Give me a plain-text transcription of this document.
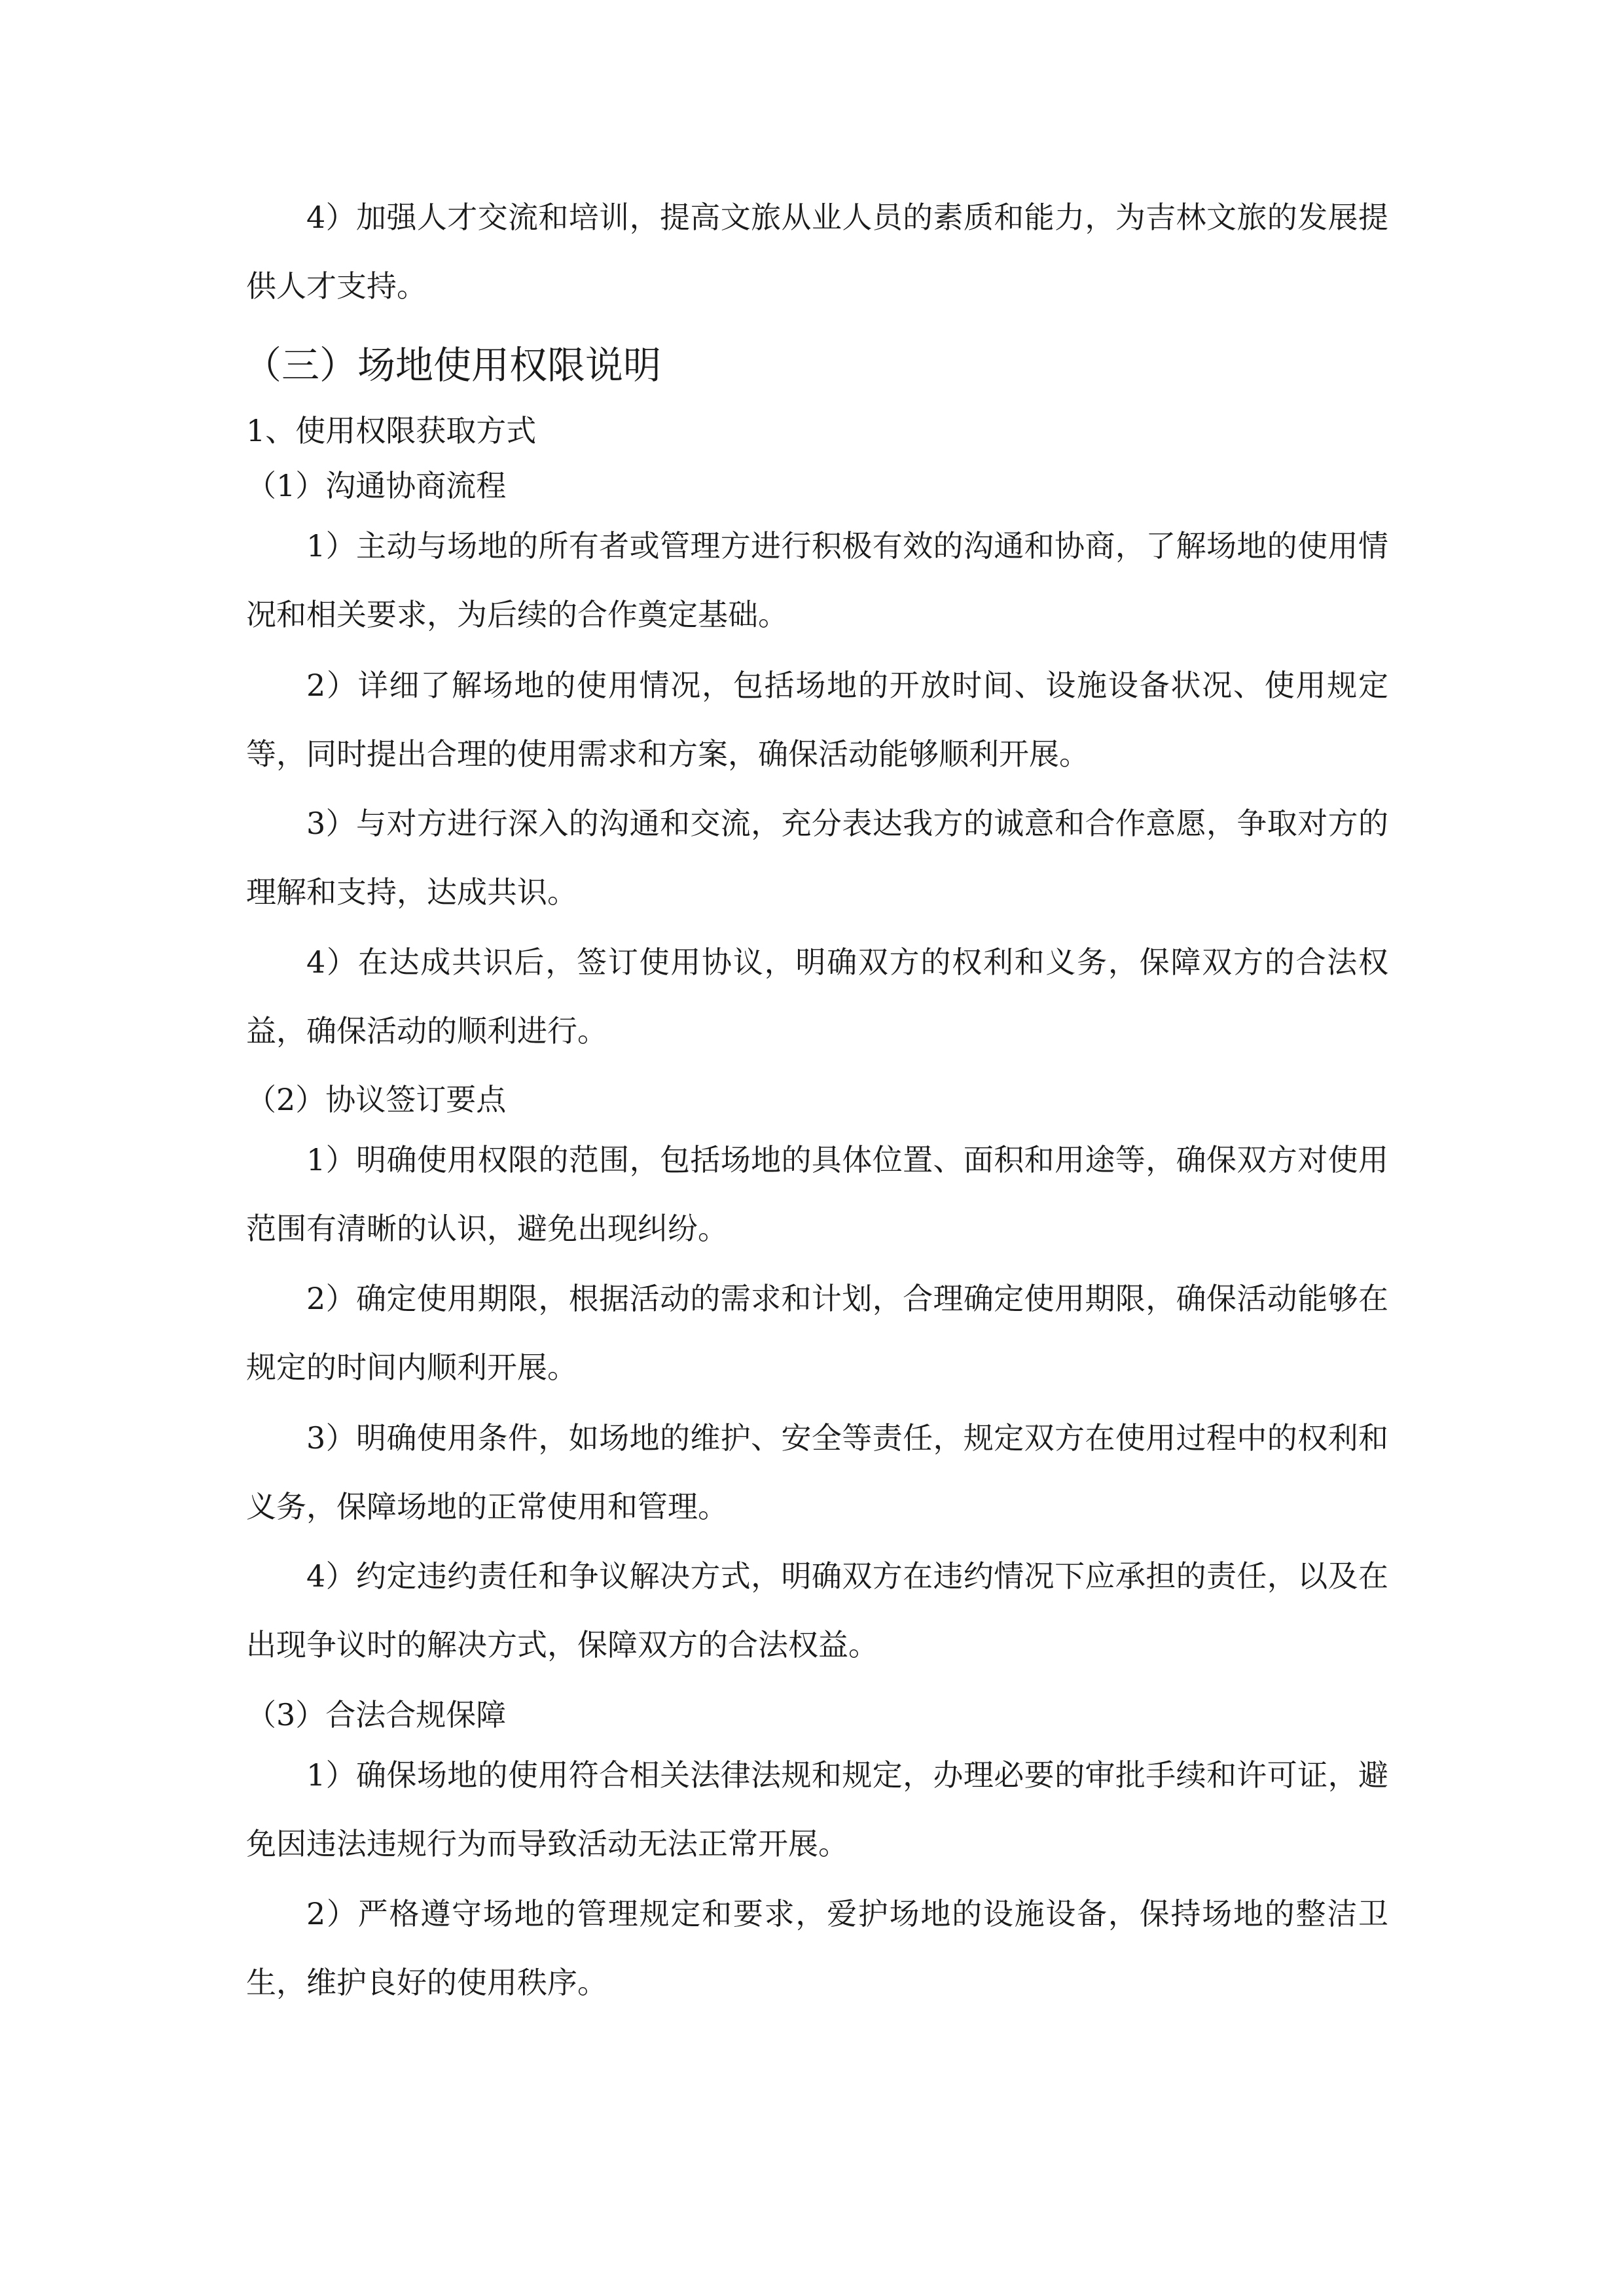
4）加强人才交流和培训，提高文旅从业人员的素质和能力，为吉林文旅的发展提供人才支持。

（三）场地使用权限说明

1、使用权限获取方式

（1）沟通协商流程

1）主动与场地的所有者或管理方进行积极有效的沟通和协商，了解场地的使用情况和相关要求，为后续的合作奠定基础。

2）详细了解场地的使用情况，包括场地的开放时间、设施设备状况、使用规定等，同时提出合理的使用需求和方案，确保活动能够顺利开展。

3）与对方进行深入的沟通和交流，充分表达我方的诚意和合作意愿，争取对方的理解和支持，达成共识。

4）在达成共识后，签订使用协议，明确双方的权利和义务，保障双方的合法权益，确保活动的顺利进行。

（2）协议签订要点

1）明确使用权限的范围，包括场地的具体位置、面积和用途等，确保双方对使用范围有清晰的认识，避免出现纠纷。

2）确定使用期限，根据活动的需求和计划，合理确定使用期限，确保活动能够在规定的时间内顺利开展。

3）明确使用条件，如场地的维护、安全等责任，规定双方在使用过程中的权利和义务，保障场地的正常使用和管理。

4）约定违约责任和争议解决方式，明确双方在违约情况下应承担的责任，以及在出现争议时的解决方式，保障双方的合法权益。

（3）合法合规保障

1）确保场地的使用符合相关法律法规和规定，办理必要的审批手续和许可证，避免因违法违规行为而导致活动无法正常开展。

2）严格遵守场地的管理规定和要求，爱护场地的设施设备，保持场地的整洁卫生，维护良好的使用秩序。
